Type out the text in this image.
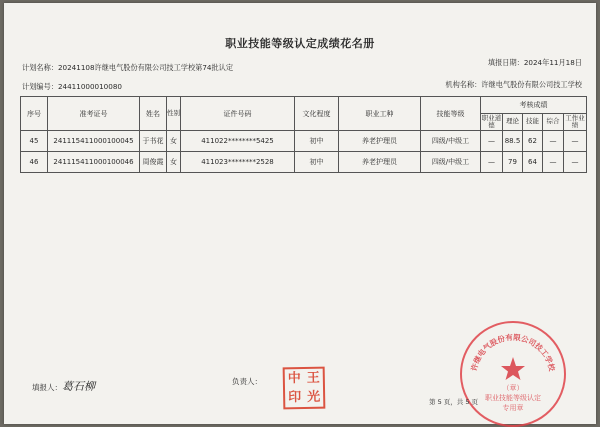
职业技能等级认定成绩花名册
计划名称：20241108许继电气股份有限公司技工学校第74批认定
填报日期：2024年11月18日
计划编号：24411000010080	机构名称：许继电气股份有限公司技工学校
序号	准考证号	姓名	性别	证件号码	文化程度	职业工种	技能等级	考核成绩				
								职业道德	理论	技能	综合	工作业绩
45	241115411000100045	于书花	女	411022********5425	初中	养老护理员	四级/中级工	—	88.5	62	—	—
46	241115411000100046	周俊霞	女	411023********2528	初中	养老护理员	四级/中级工	—	79	64	—	—
填报人：葛石柳	负责人： 中 王
印 光
许继电气股份有限公司技工学校
（章）
职业技能等级认定
专用章
第 5 页，共 5 页
